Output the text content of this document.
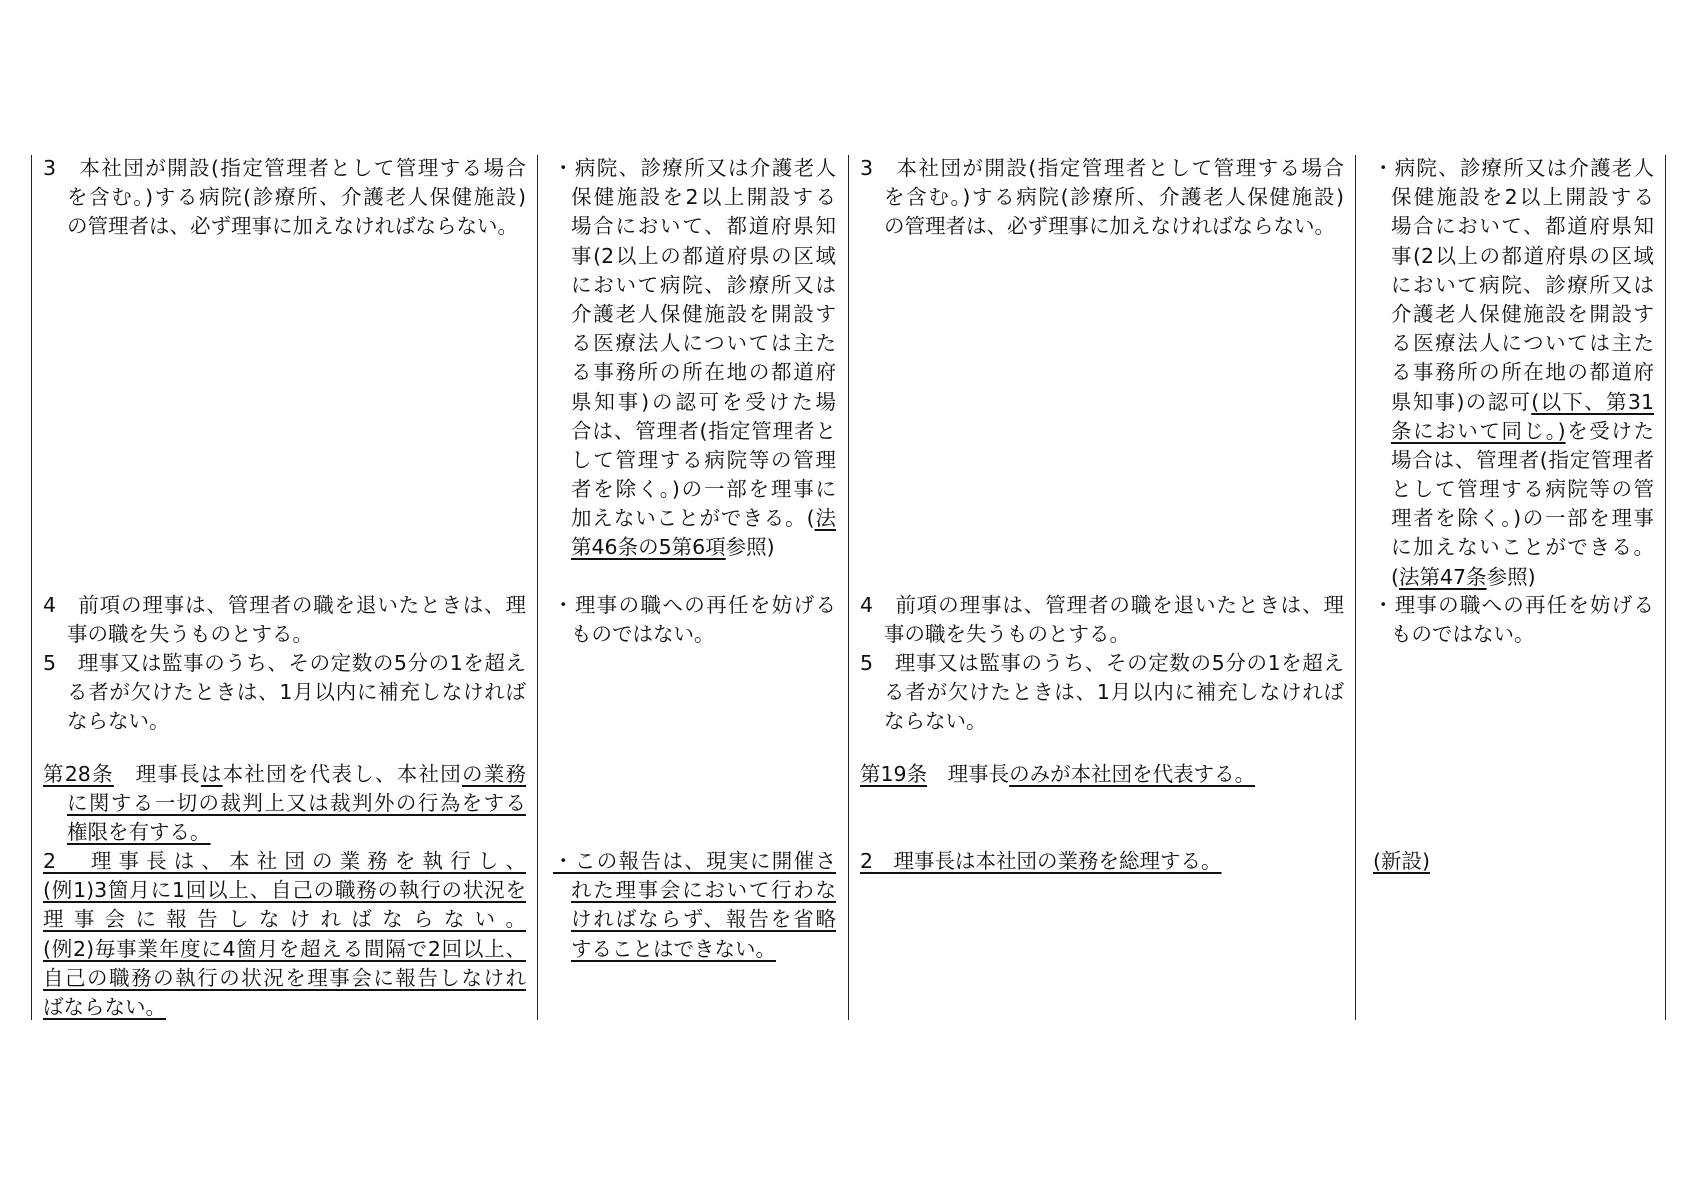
3　本社団が開設(指定管理者として管理する場合
を含む。)する病院(診療所、介護老人保健施設)
の管理者は、必ず理事に加えなければならない。
4　前項の理事は、管理者の職を退いたときは、理
事の職を失うものとする。
5　理事又は監事のうち、その定数の5分の1を超え
る者が欠けたときは、1月以内に補充しなければ
ならない。
第28条　理事長は本社団を代表し、本社団の業務
に関する一切の裁判上又は裁判外の行為をする
権限を有する。
2　理事長は、本社団の業務を執行し、
(例1)3箇月に1回以上、自己の職務の執行の状況を
理事会に報告しなければならない。
(例2)毎事業年度に4箇月を超える間隔で2回以上、
自己の職務の執行の状況を理事会に報告しなけれ
ばならない。
・病院、診療所又は介護老人
保健施設を2以上開設する
場合において、都道府県知
事(2以上の都道府県の区域
において病院、診療所又は
介護老人保健施設を開設す
る医療法人については主た
る事務所の所在地の都道府
県知事)の認可を受けた場
合は、管理者(指定管理者と
して管理する病院等の管理
者を除く。)の一部を理事に
加えないことができる。(法
第46条の5第6項参照)
・理事の職への再任を妨げる
ものではない。
・この報告は、現実に開催さ
れた理事会において行わな
ければならず、報告を省略
することはできない。
3　本社団が開設(指定管理者として管理する場合
を含む。)する病院(診療所、介護老人保健施設)
の管理者は、必ず理事に加えなければならない。
4　前項の理事は、管理者の職を退いたときは、理
事の職を失うものとする。
5　理事又は監事のうち、その定数の5分の1を超え
る者が欠けたときは、1月以内に補充しなければ
ならない。
第19条　理事長のみが本社団を代表する。
2　理事長は本社団の業務を総理する。
・病院、診療所又は介護老人
保健施設を2以上開設する
場合において、都道府県知
事(2以上の都道府県の区域
において病院、診療所又は
介護老人保健施設を開設す
る医療法人については主た
る事務所の所在地の都道府
県知事)の認可(以下、第31
条において同じ。)を受けた
場合は、管理者(指定管理者
として管理する病院等の管
理者を除く。)の一部を理事
に加えないことができる。
(法第47条参照)
・理事の職への再任を妨げる
ものではない。
(新設)
